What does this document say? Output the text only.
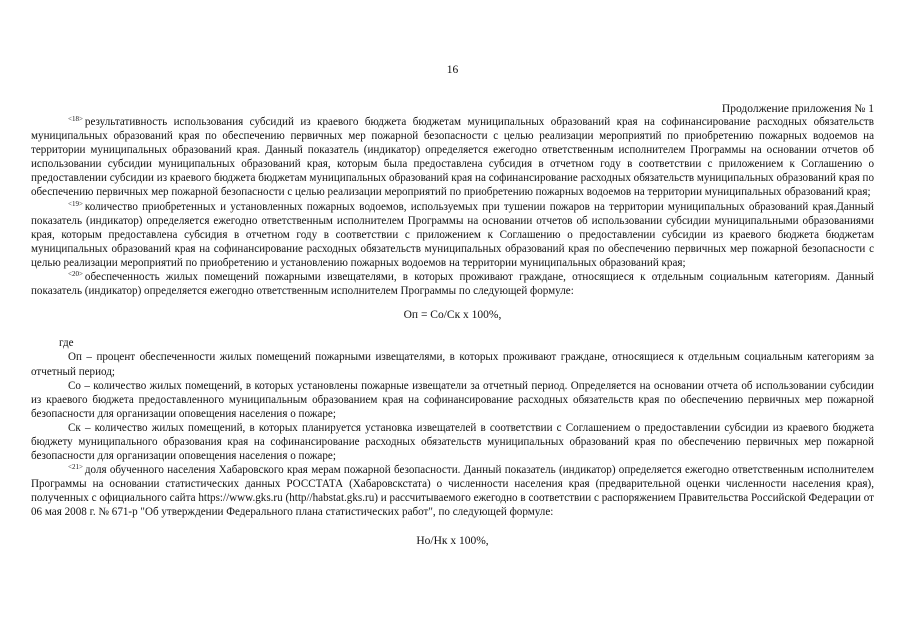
16
Продолжение приложения № 1

$^{<18>}$ результативность использования субсидий из краевого бюджета бюджетам муниципальных образований края на софинансирование расходных обязательств муниципальных образований края по обеспечению первичных мер пожарной безопасности с целью реализации мероприятий по приобретению пожарных водоемов на территории муниципальных образований края. Данный показатель (индикатор) определяется ежегодно ответственным исполнителем Программы на основании отчетов об использовании субсидии муниципальных образований края, которым была предоставлена субсидия в отчетном году в соответствии с приложением к Соглашению о предоставлении субсидии из краевого бюджета бюджетам муниципальных образований края на софинансирование расходных обязательств муниципальных образований края по обеспечению первичных мер пожарной безопасности с целью реализации мероприятий по приобретению пожарных водоемов на территории муниципальных образований края;

$^{<19>}$ количество приобретенных и установленных пожарных водоемов, используемых при тушении пожаров на территории муниципальных образований края.Данный показатель (индикатор) определяется ежегодно ответственным исполнителем Программы на основании отчетов об использовании субсидии муниципальными образованиями края, которым предоставлена субсидия в отчетном году в соответствии с приложением к Соглашению о предоставлении субсидии из краевого бюджета бюджетам муниципальных образований края на софинансирование расходных обязательств муниципальных образований края по обеспечению первичных мер пожарной безопасности с целью реализации мероприятий по приобретению и установлению пожарных водоемов на территории муниципальных образований края;

$^{<20>}$ обеспеченность жилых помещений пожарными извещателями, в которых проживают граждане, относящиеся к отдельным социальным категориям. Данный показатель (индикатор) определяется ежегодно ответственным исполнителем Программы по следующей формуле:

Оп = Со/Ск х 100%,

где

Оп – процент обеспеченности жилых помещений пожарными извещателями, в которых проживают граждане, относящиеся к отдельным социальным категориям за отчетный период;

Со – количество жилых помещений, в которых установлены пожарные извещатели за отчетный период. Определяется на основании отчета об использовании субсидии из краевого бюджета предоставленного муниципальным образованием края на софинансирование расходных обязательств края по обеспечению первичных мер пожарной безопасности для организации оповещения населения о пожаре;

Ск – количество жилых помещений, в которых планируется установка извещателей в соответствии с Соглашением о предоставлении субсидии из краевого бюджета бюджету муниципального образования края на софинансирование расходных обязательств муниципальных образований края по обеспечению первичных мер пожарной безопасности для организации оповещения населения о пожаре;

$^{<21>}$ доля обученного населения Хабаровского края мерам пожарной безопасности. Данный показатель (индикатор) определяется ежегодно ответственным исполнителем Программы на основании статистических данных РОССТАТА (Хабаровскстата) о численности населения края (предварительной оценки численности населения края), полученных с официального сайта https://www.gks.ru (http//habstat.gks.ru) и рассчитываемого ежегодно в соответствии с распоряжением Правительства Российской Федерации от 06 мая 2008 г. № 671-р "Об утверждении Федерального плана статистических работ", по следующей формуле:

Но/Нк х 100%,
